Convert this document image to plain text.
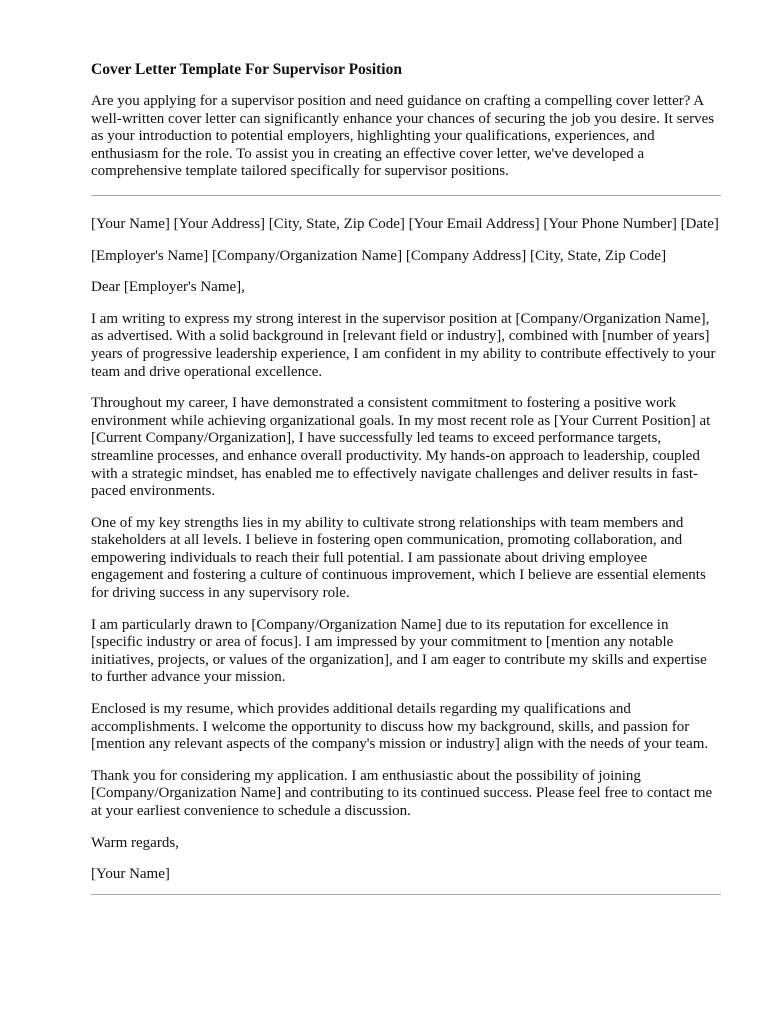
Cover Letter Template For Supervisor Position

Are you applying for a supervisor position and need guidance on crafting a compelling cover letter? A well-written cover letter can significantly enhance your chances of securing the job you desire. It serves as your introduction to potential employers, highlighting your qualifications, experiences, and enthusiasm for the role. To assist you in creating an effective cover letter, we've developed a comprehensive template tailored specifically for supervisor positions.

[Your Name] [Your Address] [City, State, Zip Code] [Your Email Address] [Your Phone Number] [Date]

[Employer's Name] [Company/Organization Name] [Company Address] [City, State, Zip Code]

Dear [Employer's Name],

I am writing to express my strong interest in the supervisor position at [Company/Organization Name], as advertised. With a solid background in [relevant field or industry], combined with [number of years] years of progressive leadership experience, I am confident in my ability to contribute effectively to your team and drive operational excellence.

Throughout my career, I have demonstrated a consistent commitment to fostering a positive work environment while achieving organizational goals. In my most recent role as [Your Current Position] at [Current Company/Organization], I have successfully led teams to exceed performance targets, streamline processes, and enhance overall productivity. My hands-on approach to leadership, coupled with a strategic mindset, has enabled me to effectively navigate challenges and deliver results in fast-paced environments.

One of my key strengths lies in my ability to cultivate strong relationships with team members and stakeholders at all levels. I believe in fostering open communication, promoting collaboration, and empowering individuals to reach their full potential. I am passionate about driving employee engagement and fostering a culture of continuous improvement, which I believe are essential elements for driving success in any supervisory role.

I am particularly drawn to [Company/Organization Name] due to its reputation for excellence in [specific industry or area of focus]. I am impressed by your commitment to [mention any notable initiatives, projects, or values of the organization], and I am eager to contribute my skills and expertise to further advance your mission.

Enclosed is my resume, which provides additional details regarding my qualifications and accomplishments. I welcome the opportunity to discuss how my background, skills, and passion for [mention any relevant aspects of the company's mission or industry] align with the needs of your team.

Thank you for considering my application. I am enthusiastic about the possibility of joining [Company/Organization Name] and contributing to its continued success. Please feel free to contact me at your earliest convenience to schedule a discussion.

Warm regards,

[Your Name]
